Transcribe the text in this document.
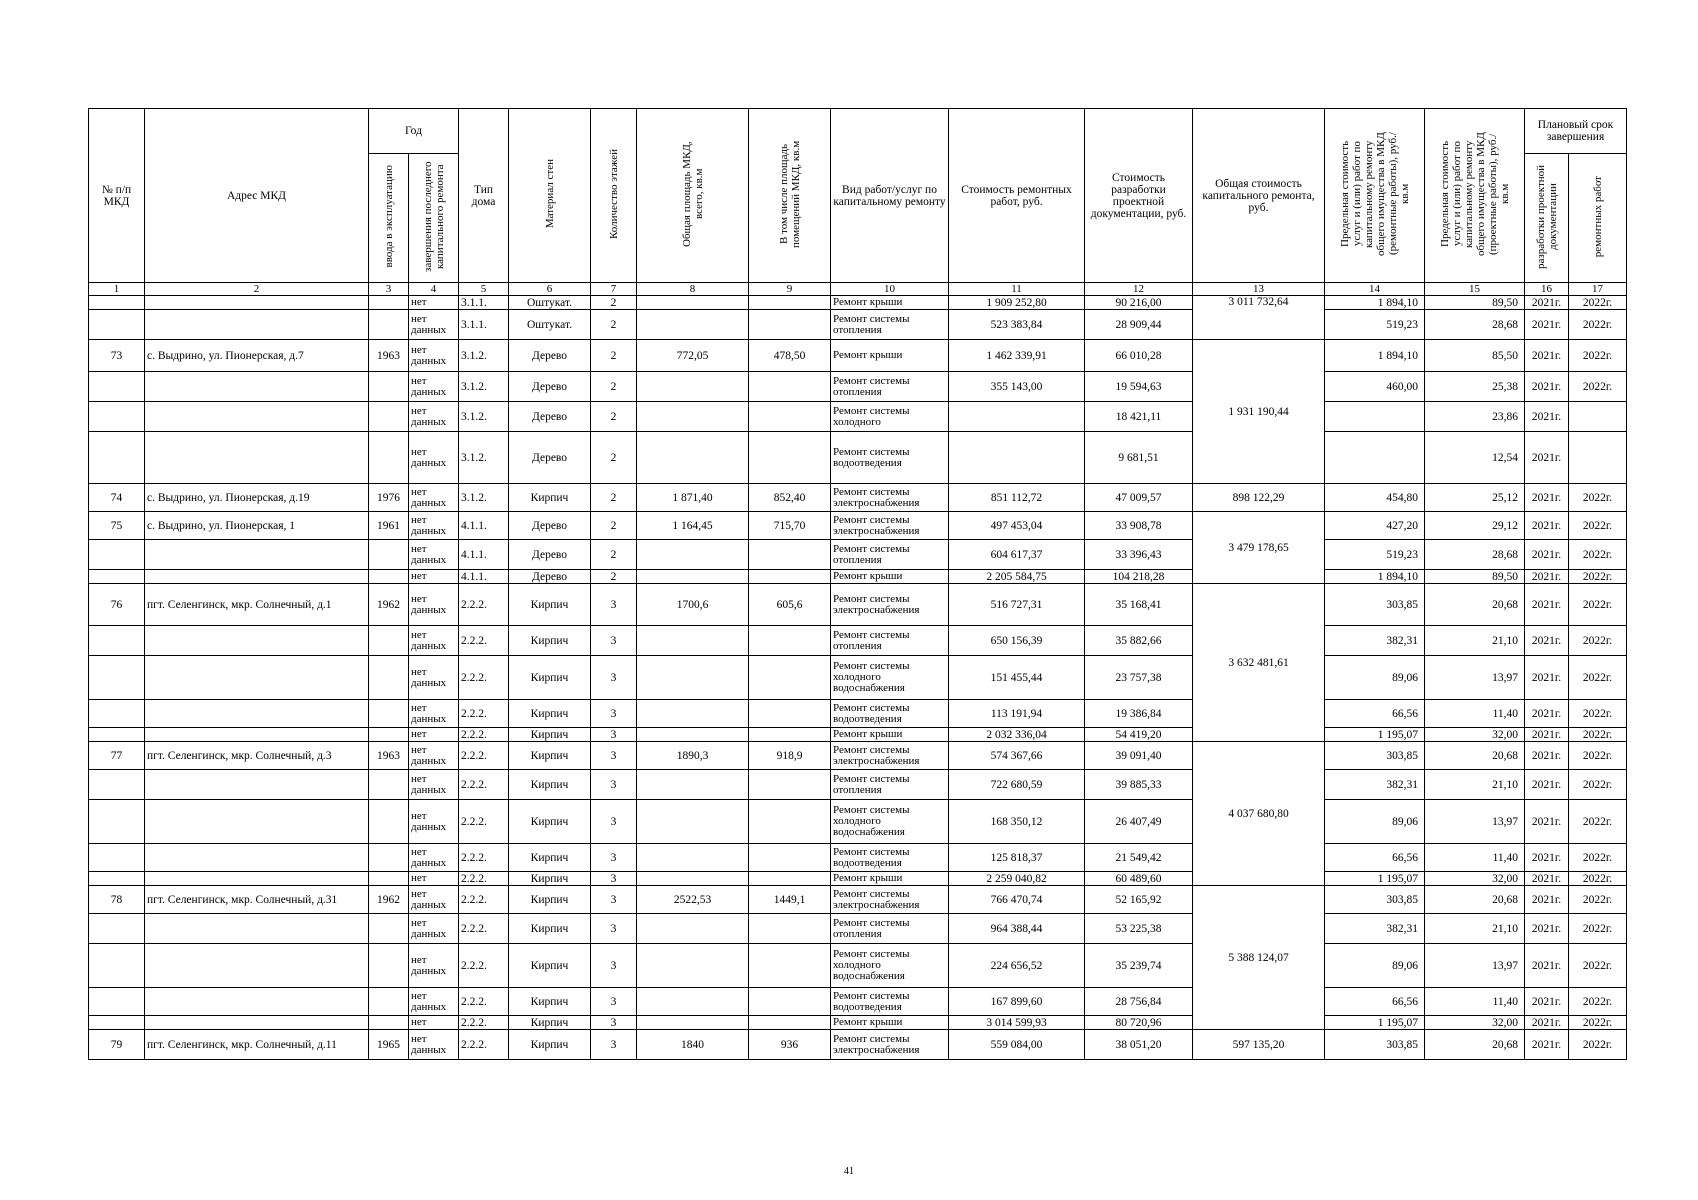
№ п/п МКД	Адрес МКД	Год		Тип дома	Материал стен	Количество этажей	Общая площадь МКД, всего, кв.м	В том числе площадь помещений МКД, кв.м	Вид работ/услуг по капитальному ремонту	Стоимость ремонтных работ, руб.	Стоимость разработки проектной документации, руб.	Общая стоимость капитального ремонта, руб.	Предельная стоимость услуг и (или) работ по капитальному ремонту общего имущества в МКД (ремонтные работы), руб./кв.м	Предельная стоимость услуг и (или) работ по капитальному ремонту общего имущества в МКД (проектные работы), руб./кв.м	Плановый срок завершения	
		ввода в эксплуатацию	завершения последнего капитального ремонта												разработки проектной документации	ремонтных работ
1	2	3	4	5	6	7	8	9	10	11	12	13	14	15	16	17
			нет	3.1.1.	Оштукат.	2			Ремонт крыши	1 909 252,80	90 216,00	3 011 732,64	1 894,10	89,50	2021г.	2022г.
			нет данных	3.1.1.	Оштукат.	2			Ремонт системы отопления	523 383,84	28 909,44		519,23	28,68	2021г.	2022г.
73	с. Выдрино, ул. Пионерская, д.7	1963	нет данных	3.1.2.	Дерево	2	772,05	478,50	Ремонт крыши	1 462 339,91	66 010,28	1 931 190,44	1 894,10	85,50	2021г.	2022г.
			нет данных	3.1.2.	Дерево	2			Ремонт системы отопления	355 143,00	19 594,63		460,00	25,38	2021г.	2022г.
			нет данных	3.1.2.	Дерево	2			Ремонт системы холодного		18 421,11			23,86	2021г.	
			нет данных	3.1.2.	Дерево	2			Ремонт системы водоотведения		9 681,51			12,54	2021г.	
74	с. Выдрино, ул. Пионерская, д.19	1976	нет данных	3.1.2.	Кирпич	2	1 871,40	852,40	Ремонт системы электроснабжения	851 112,72	47 009,57	898 122,29	454,80	25,12	2021г.	2022г.
75	с. Выдрино, ул. Пионерская, 1	1961	нет данных	4.1.1.	Дерево	2	1 164,45	715,70	Ремонт системы электроснабжения	497 453,04	33 908,78	3 479 178,65	427,20	29,12	2021г.	2022г.
			нет данных	4.1.1.	Дерево	2			Ремонт системы отопления	604 617,37	33 396,43		519,23	28,68	2021г.	2022г.
			нет	4.1.1.	Дерево	2			Ремонт крыши	2 205 584,75	104 218,28		1 894,10	89,50	2021г.	2022г.
76	пгт. Селенгинск, мкр. Солнечный, д.1	1962	нет данных	2.2.2.	Кирпич	3	1700,6	605,6	Ремонт системы электроснабжения	516 727,31	35 168,41	3 632 481,61	303,85	20,68	2021г.	2022г.
			нет данных	2.2.2.	Кирпич	3			Ремонт системы отопления	650 156,39	35 882,66		382,31	21,10	2021г.	2022г.
			нет данных	2.2.2.	Кирпич	3			Ремонт системы холодного водоснабжения	151 455,44	23 757,38		89,06	13,97	2021г.	2022г.
			нет данных	2.2.2.	Кирпич	3			Ремонт системы водоотведения	113 191,94	19 386,84		66,56	11,40	2021г.	2022г.
			нет	2.2.2.	Кирпич	3			Ремонт крыши	2 032 336,04	54 419,20		1 195,07	32,00	2021г.	2022г.
77	пгт. Селенгинск, мкр. Солнечный, д.3	1963	нет данных	2.2.2.	Кирпич	3	1890,3	918,9	Ремонт системы электроснабжения	574 367,66	39 091,40	4 037 680,80	303,85	20,68	2021г.	2022г.
			нет данных	2.2.2.	Кирпич	3			Ремонт системы отопления	722 680,59	39 885,33		382,31	21,10	2021г.	2022г.
			нет данных	2.2.2.	Кирпич	3			Ремонт системы холодного водоснабжения	168 350,12	26 407,49		89,06	13,97	2021г.	2022г.
			нет данных	2.2.2.	Кирпич	3			Ремонт системы водоотведения	125 818,37	21 549,42		66,56	11,40	2021г.	2022г.
			нет	2.2.2.	Кирпич	3			Ремонт крыши	2 259 040,82	60 489,60		1 195,07	32,00	2021г.	2022г.
78	пгт. Селенгинск, мкр. Солнечный, д.31	1962	нет данных	2.2.2.	Кирпич	3	2522,53	1449,1	Ремонт системы электроснабжения	766 470,74	52 165,92	5 388 124,07	303,85	20,68	2021г.	2022г.
			нет данных	2.2.2.	Кирпич	3			Ремонт системы отопления	964 388,44	53 225,38		382,31	21,10	2021г.	2022г.
			нет данных	2.2.2.	Кирпич	3			Ремонт системы холодного водоснабжения	224 656,52	35 239,74		89,06	13,97	2021г.	2022г.
			нет данных	2.2.2.	Кирпич	3			Ремонт системы водоотведения	167 899,60	28 756,84		66,56	11,40	2021г.	2022г.
			нет	2.2.2.	Кирпич	3			Ремонт крыши	3 014 599,93	80 720,96		1 195,07	32,00	2021г.	2022г.
79	пгт. Селенгинск, мкр. Солнечный, д.11	1965	нет данных	2.2.2.	Кирпич	3	1840	936	Ремонт системы электроснабжения	559 084,00	38 051,20	597 135,20	303,85	20,68	2021г.	2022г.
41
